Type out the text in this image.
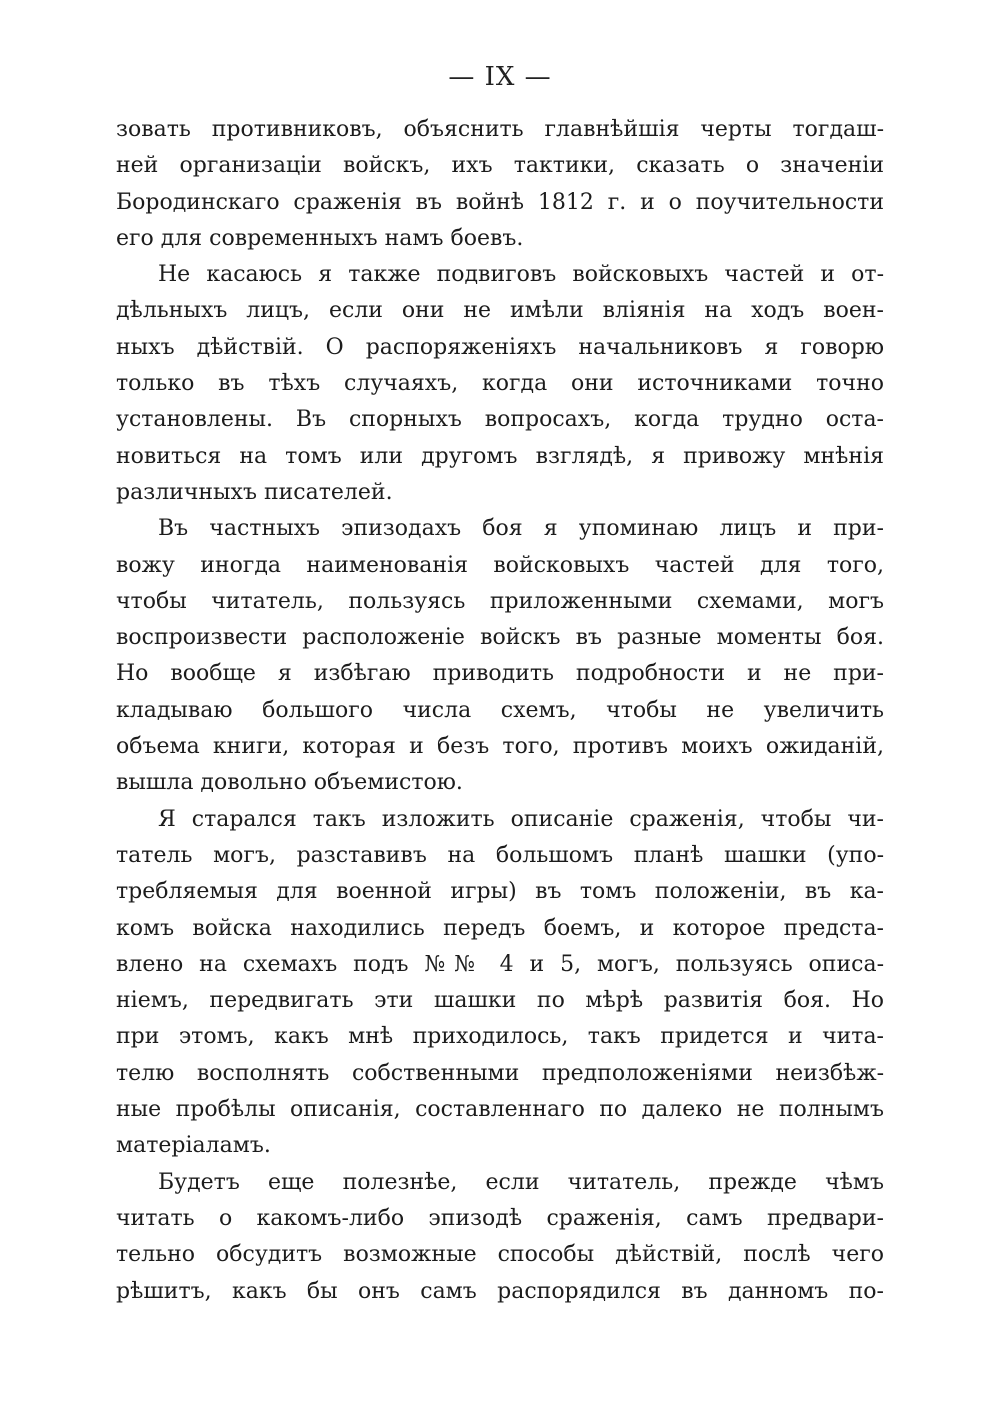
— IX —
зовать противниковъ, объяснить главнѣйшія черты тогдаш-
ней организаціи войскъ, ихъ тактики, сказать о значеніи
Бородинскаго сраженія въ войнѣ 1812 г. и о поучительности
его для современныхъ намъ боевъ.
Не касаюсь я также подвиговъ войсковыхъ частей и от-
дѣльныхъ лицъ, если они не имѣли вліянія на ходъ воен-
ныхъ дѣйствій. О распоряженіяхъ начальниковъ я говорю
только въ тѣхъ случаяхъ, когда они источниками точно
установлены. Въ спорныхъ вопросахъ, когда трудно оста-
новиться на томъ или другомъ взглядѣ, я привожу мнѣнія
различныхъ писателей.
Въ частныхъ эпизодахъ боя я упоминаю лицъ и при-
вожу иногда наименованія войсковыхъ частей для того,
чтобы читатель, пользуясь приложенными схемами, могъ
воспроизвести расположеніе войскъ въ разные моменты боя.
Но вообще я избѣгаю приводить подробности и не при-
кладываю большого числа схемъ, чтобы не увеличить
объема книги, которая и безъ того, противъ моихъ ожиданій,
вышла довольно объемистою.
Я старался такъ изложить описаніе сраженія, чтобы чи-
татель могъ, разставивъ на большомъ планѣ шашки (упо-
требляемыя для военной игры) въ томъ положеніи, въ ка-
комъ войска находились передъ боемъ, и которое предста-
влено на схемахъ подъ №№ 4 и 5, могъ, пользуясь описа-
ніемъ, передвигать эти шашки по мѣрѣ развитія боя. Но
при этомъ, какъ мнѣ приходилось, такъ придется и чита-
телю восполнять собственными предположеніями неизбѣж-
ные пробѣлы описанія, составленнаго по далеко не полнымъ
матеріаламъ.
Будетъ еще полезнѣе, если читатель, прежде чѣмъ
читать о какомъ-либо эпизодѣ сраженія, самъ предвари-
тельно обсудитъ возможные способы дѣйствій, послѣ чего
рѣшитъ, какъ бы онъ самъ распорядился въ данномъ по-
